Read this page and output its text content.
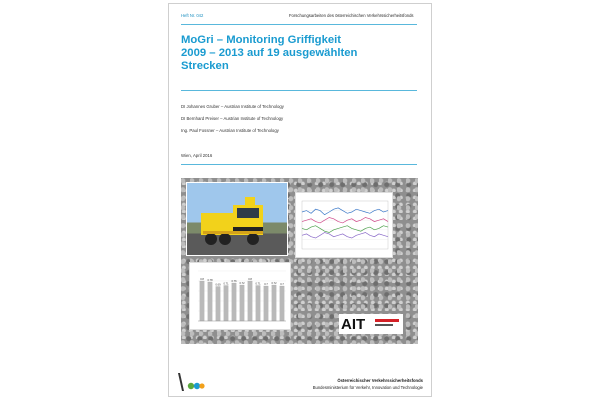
Heft Nr. 042	Forschungsarbeiten des österreichischen Verkehrssicherheitsfonds
MoGri – Monitoring Griffigkeit
2009 – 2013 auf 19 ausgewählten
Strecken
DI Johannes Gruber – Austrian Institute of Technology
DI Bernhard Preiser – Austrian Institute of Technology
Ing. Paul Fossner – Austrian Institute of Technology
Wien, April 2016
0.8 0.78
0.69 0.71
0.76
0.72
0.8
0.71 0.7 0.72 0.7
AIT
Österreichischer Verkehrssicherheitsfonds
Bundesministerium für Verkehr, Innovation und Technologie
